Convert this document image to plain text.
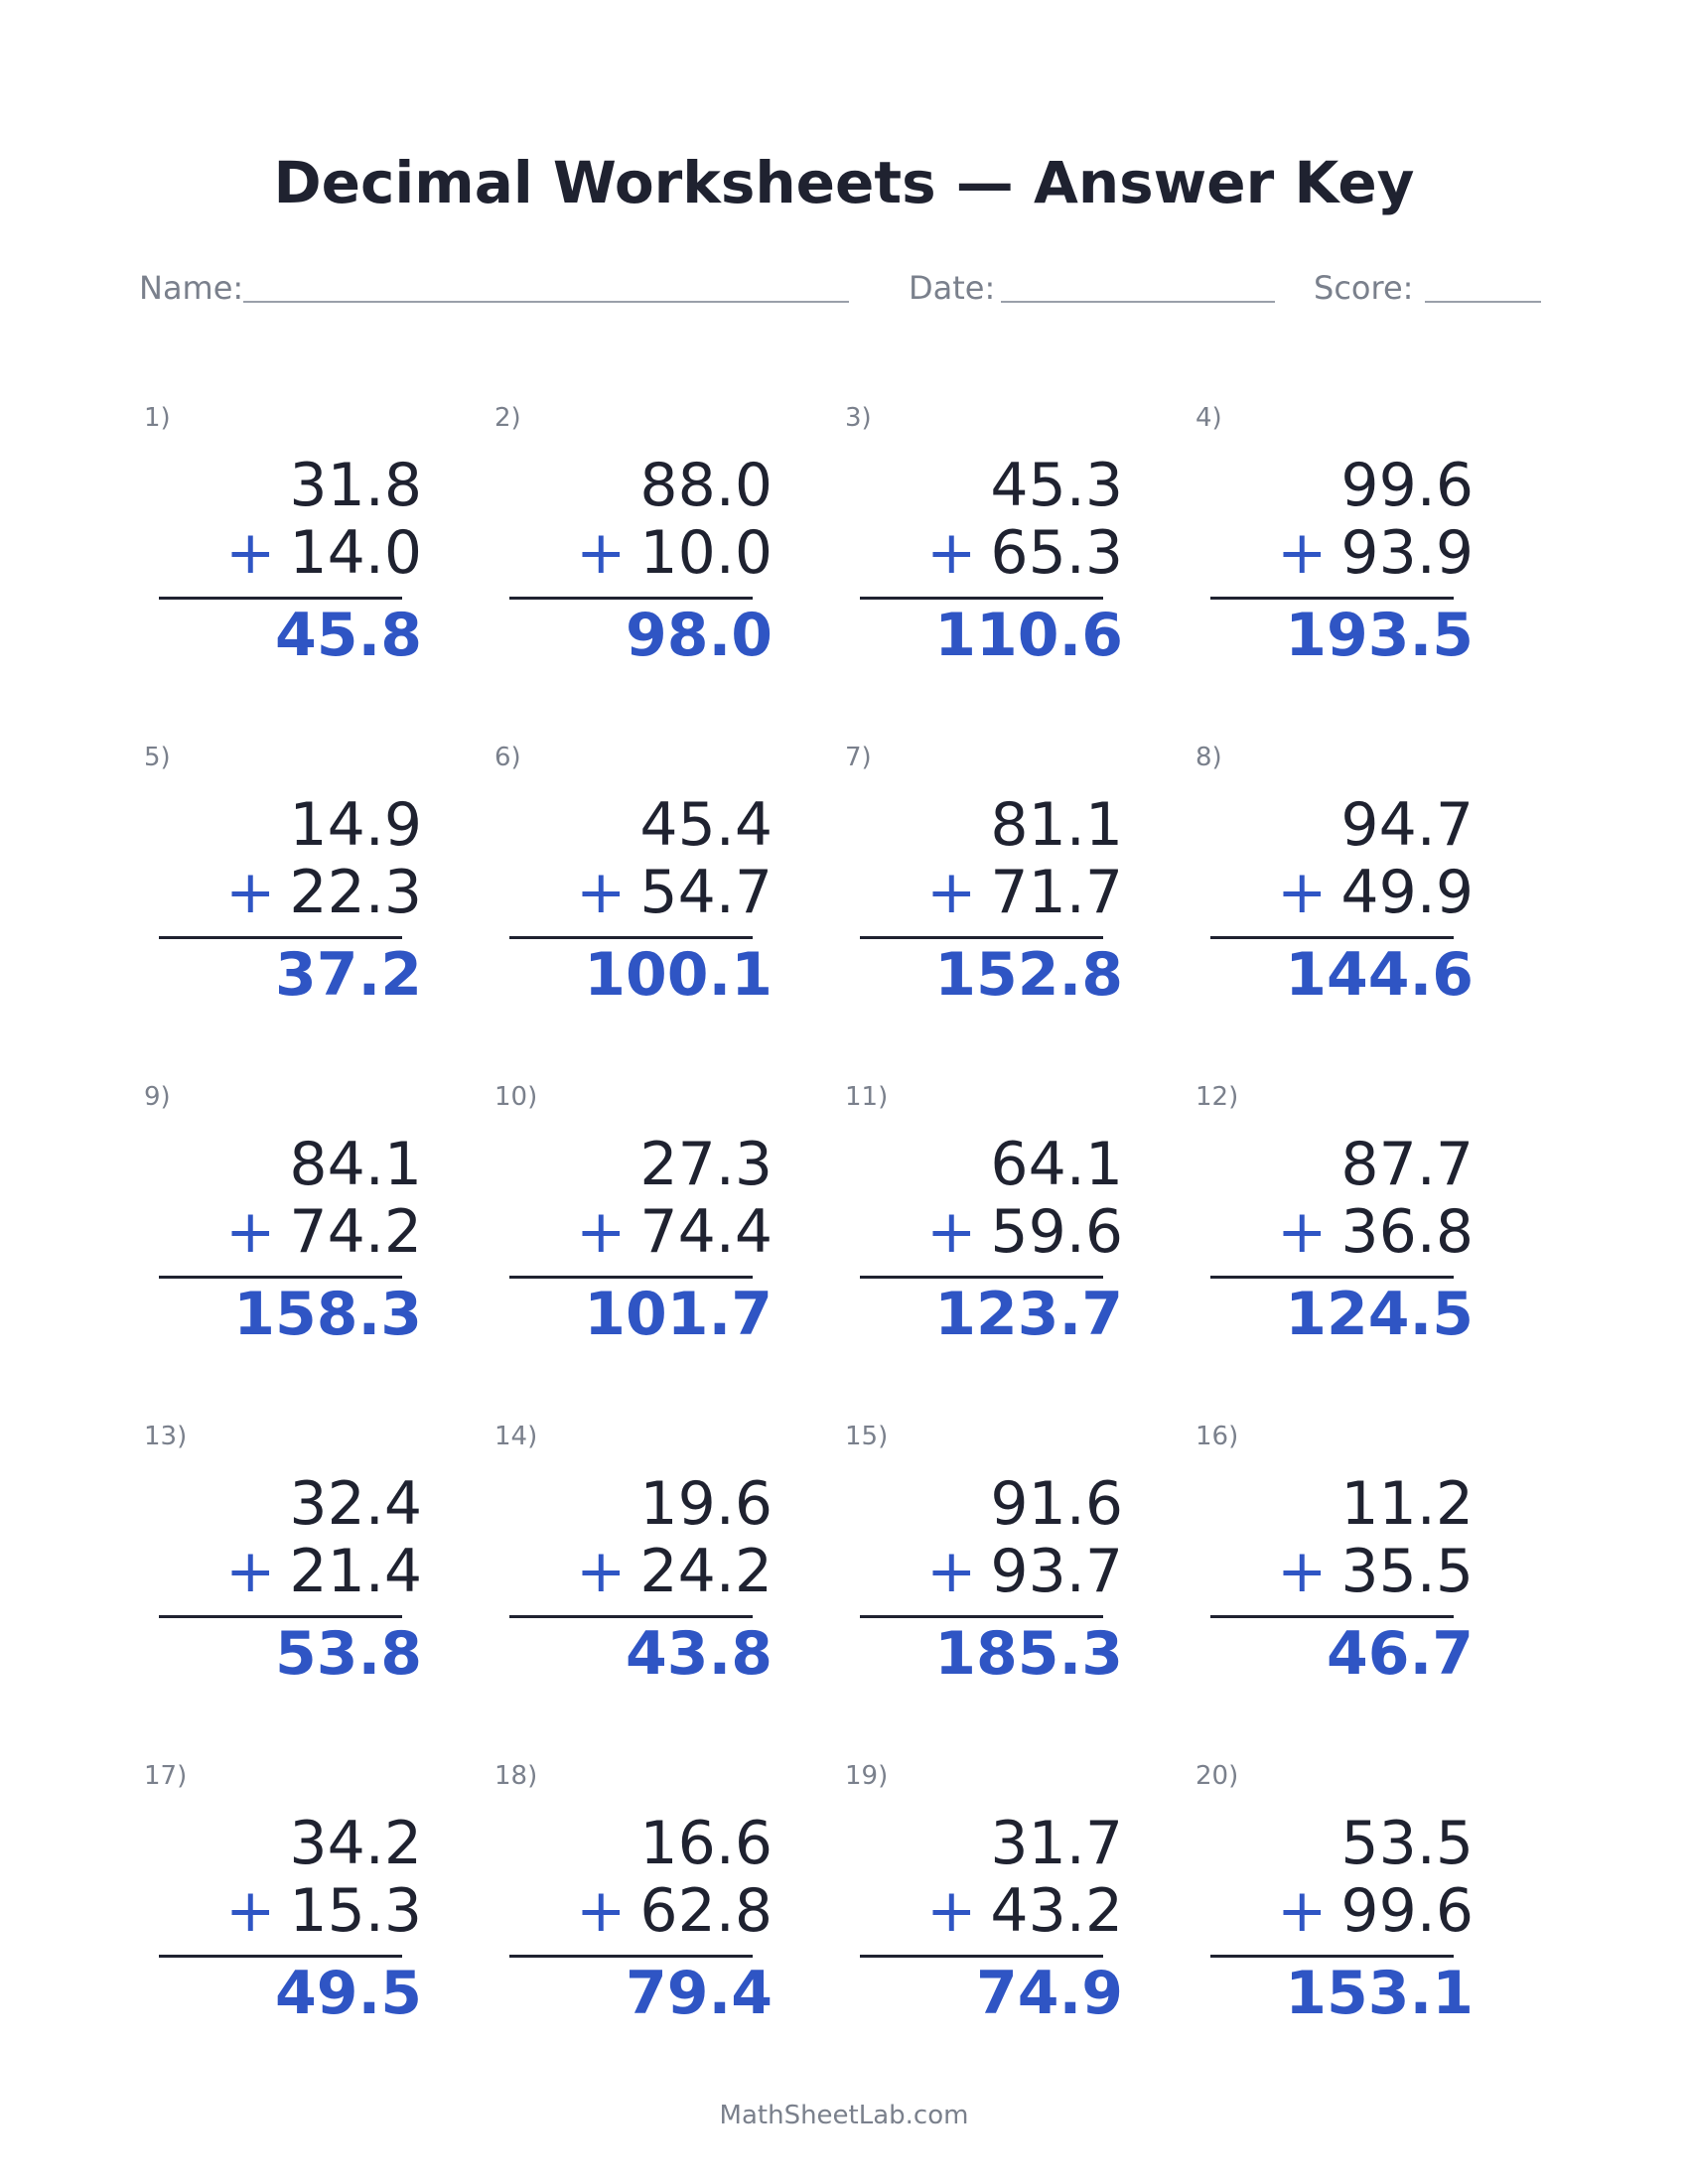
Decimal Worksheets — Answer Key
Name:	Date:	Score:
1)
31.8
+ 14.0
45.8
2)
88.0
+ 10.0
98.0
3)
45.3
+ 65.3
110.6
4)
99.6
+ 93.9
193.5
5)
14.9
+ 22.3
37.2
6)
45.4
+ 54.7
100.1
7)
81.1
+ 71.7
152.8
8)
94.7
+ 49.9
144.6
9)
84.1
+ 74.2
158.3
10)
27.3
+ 74.4
101.7
11)
64.1
+ 59.6
123.7
12)
87.7
+ 36.8
124.5
13)
32.4
+ 21.4
53.8
14)
19.6
+ 24.2
43.8
15)
91.6
+ 93.7
185.3
16)
11.2
+ 35.5
46.7
17)
34.2
+ 15.3
49.5
18)
16.6
+ 62.8
79.4
19)
31.7
+ 43.2
74.9
20)
53.5
+ 99.6
153.1
MathSheetLab.com
